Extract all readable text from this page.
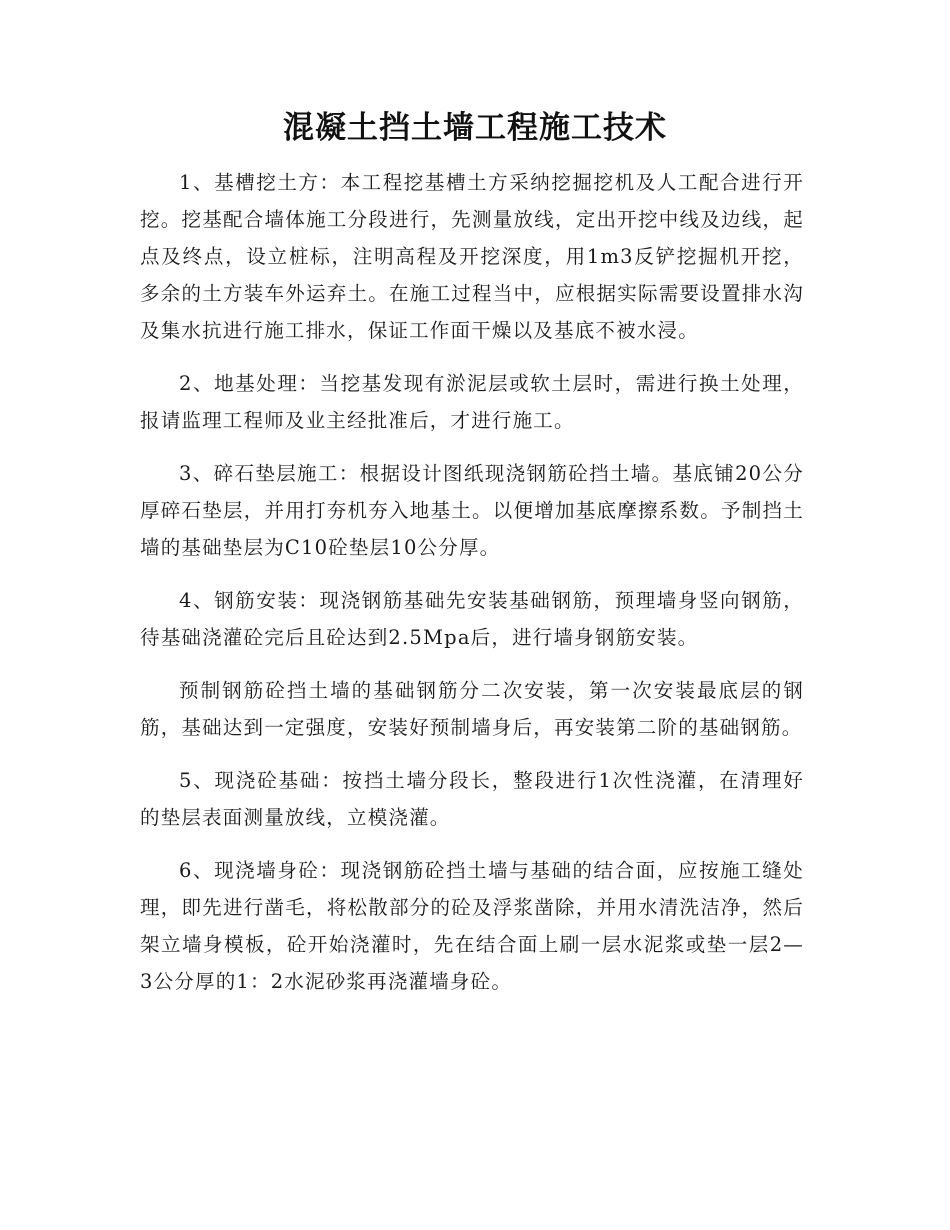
混凝土挡土墙工程施工技术

1、基槽挖土方：本工程挖基槽土方采纳挖掘挖机及人工配合进行开挖。挖基配合墙体施工分段进行，先测量放线，定出开挖中线及边线，起点及终点，设立桩标，注明高程及开挖深度，用1m3反铲挖掘机开挖，多余的土方装车外运弃土。在施工过程当中，应根据实际需要设置排水沟及集水抗进行施工排水，保证工作面干燥以及基底不被水浸。

2、地基处理：当挖基发现有淤泥层或软土层时，需进行换土处理，报请监理工程师及业主经批准后，才进行施工。

3、碎石垫层施工：根据设计图纸现浇钢筋砼挡土墙。基底铺20公分厚碎石垫层，并用打夯机夯入地基土。以便增加基底摩擦系数。予制挡土墙的基础垫层为C10砼垫层10公分厚。

4、钢筋安装：现浇钢筋基础先安装基础钢筋，预理墙身竖向钢筋，待基础浇灌砼完后且砼达到2.5Mpa后，进行墙身钢筋安装。

预制钢筋砼挡土墙的基础钢筋分二次安装，第一次安装最底层的钢筋，基础达到一定强度，安装好预制墙身后，再安装第二阶的基础钢筋。

5、现浇砼基础：按挡土墙分段长，整段进行1次性浇灌，在清理好的垫层表面测量放线，立模浇灌。

6、现浇墙身砼：现浇钢筋砼挡土墙与基础的结合面，应按施工缝处理，即先进行凿毛，将松散部分的砼及浮浆凿除，并用水清洗洁净，然后架立墙身模板，砼开始浇灌时，先在结合面上刷一层水泥浆或垫一层2—3公分厚的1：2水泥砂浆再浇灌墙身砼。
